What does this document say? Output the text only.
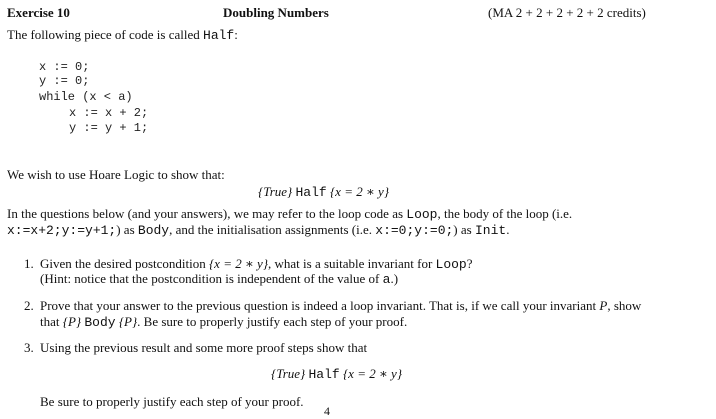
Exercise 10	Doubling Numbers	(MA 2 + 2 + 2 + 2 + 2 credits)
The following piece of code is called Half:
x := 0;
y := 0;
while (x < a)
x := x + 2;
y := y + 1;
We wish to use Hoare Logic to show that:
{True} Half {x = 2 ∗ y}
In the questions below (and your answers), we may refer to the loop code as Loop, the body of the loop (i.e.
x:=x+2;y:=y+1;) as Body, and the initialisation assignments (i.e. x:=0;y:=0;) as Init.
1. Given the desired postcondition {x = 2 ∗ y}, what is a suitable invariant for Loop?
(Hint: notice that the postcondition is independent of the value of a.)
2. Prove that your answer to the previous question is indeed a loop invariant. That is, if we call your invariant P, show
that {P} Body {P}. Be sure to properly justify each step of your proof.
3. Using the previous result and some more proof steps show that
{True} Half {x = 2 ∗ y}
Be sure to properly justify each step of your proof.
4
